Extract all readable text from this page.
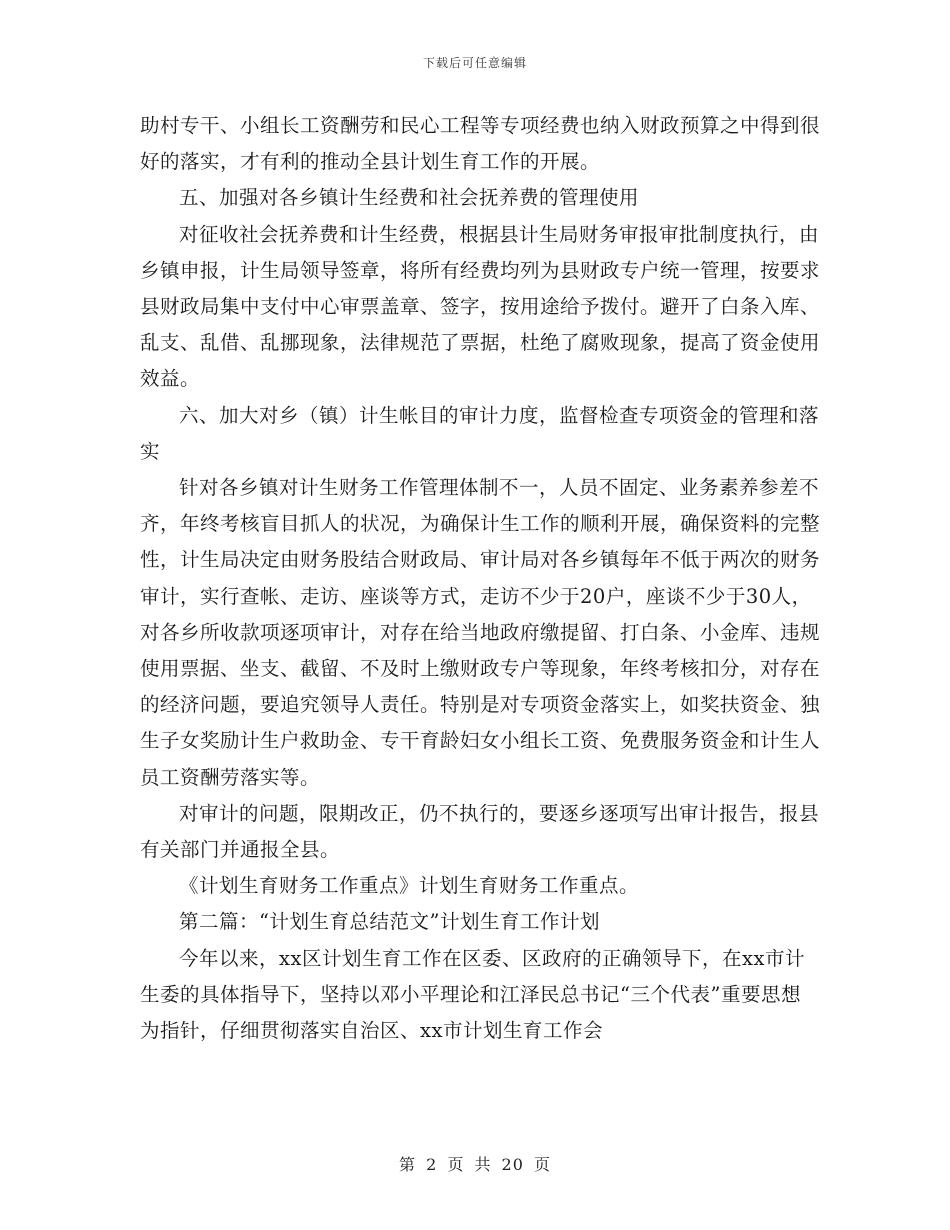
下载后可任意编辑

助村专干、小组长工资酬劳和民心工程等专项经费也纳入财政预算之中得到很好的落实，才有利的推动全县计划生育工作的开展。

五、加强对各乡镇计生经费和社会抚养费的管理使用

对征收社会抚养费和计生经费，根据县计生局财务审报审批制度执行，由乡镇申报，计生局领导签章，将所有经费均列为县财政专户统一管理，按要求县财政局集中支付中心审票盖章、签字，按用途给予拨付。避开了白条入库、乱支、乱借、乱挪现象，法律规范了票据，杜绝了腐败现象，提高了资金使用效益。

六、加大对乡（镇）计生帐目的审计力度，监督检查专项资金的管理和落实

针对各乡镇对计生财务工作管理体制不一，人员不固定、业务素养参差不齐，年终考核盲目抓人的状况，为确保计生工作的顺利开展，确保资料的完整性，计生局决定由财务股结合财政局、审计局对各乡镇每年不低于两次的财务审计，实行查帐、走访、座谈等方式，走访不少于20户，座谈不少于30人，对各乡所收款项逐项审计，对存在给当地政府缴提留、打白条、小金库、违规使用票据、坐支、截留、不及时上缴财政专户等现象，年终考核扣分，对存在的经济问题，要追究领导人责任。特别是对专项资金落实上，如奖扶资金、独生子女奖励计生户救助金、专干育龄妇女小组长工资、免费服务资金和计生人员工资酬劳落实等。

对审计的问题，限期改正，仍不执行的，要逐乡逐项写出审计报告，报县有关部门并通报全县。

《计划生育财务工作重点》计划生育财务工作重点。

第二篇：“计划生育总结范文”计划生育工作计划

今年以来，xx区计划生育工作在区委、区政府的正确领导下，在xx市计生委的具体指导下，坚持以邓小平理论和江泽民总书记“三个代表”重要思想为指针，仔细贯彻落实自治区、xx市计划生育工作会

第 2 页 共 20 页
